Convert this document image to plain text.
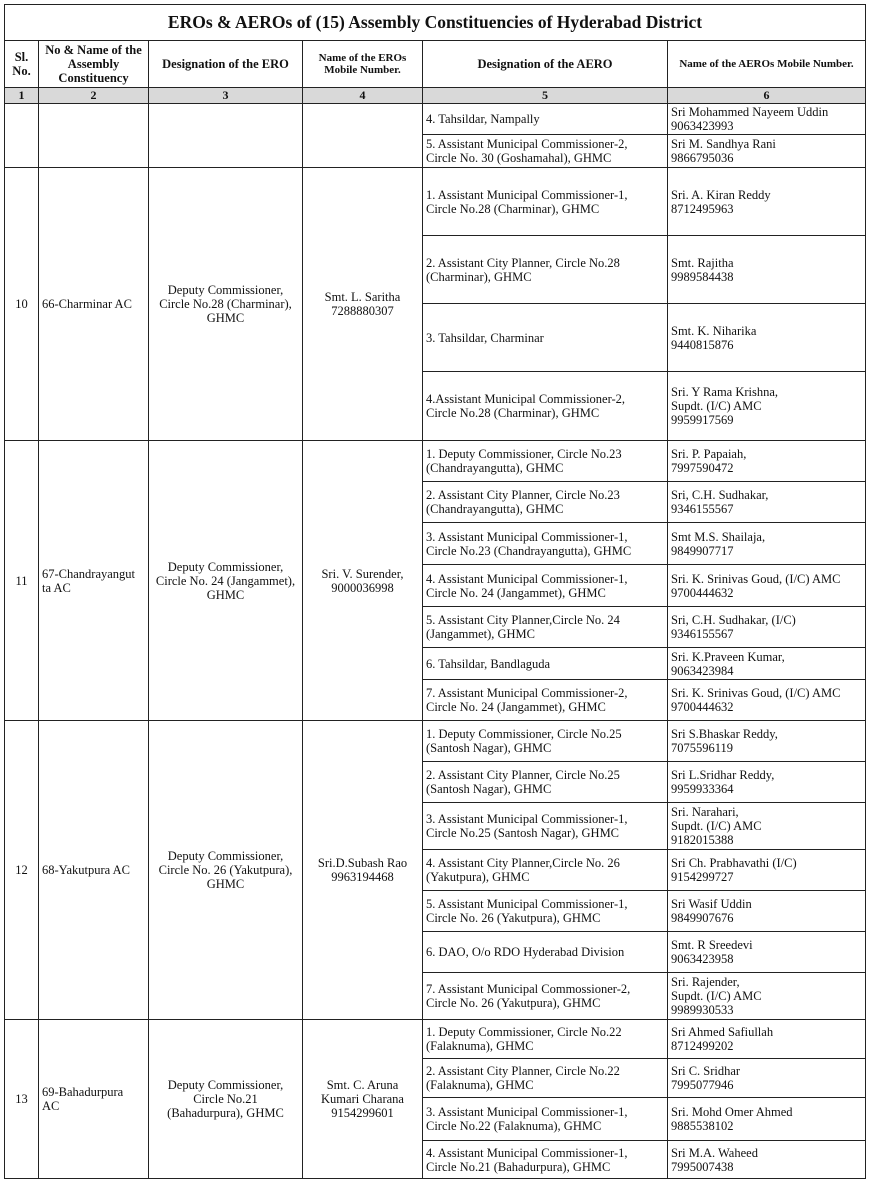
EROs & AEROs of (15) Assembly Constituencies of Hyderabad District					
Sl. No.	No & Name of the Assembly Constituency	Designation of the ERO	Name of the EROs Mobile Number.	Designation of the AERO	Name of the AEROs Mobile Number.
1	2	3	4	5	6
				4. Tahsildar, Nampally	Sri Mohammed Nayeem Uddin
9063423993
				5. Assistant Municipal Commissioner-2,
Circle No. 30 (Goshamahal), GHMC	Sri M. Sandhya Rani
9866795036
10	66-Charminar AC	Deputy Commissioner,
Circle No.28 (Charminar),
GHMC	Smt. L. Saritha
7288880307	1. Assistant Municipal Commissioner-1,
Circle No.28 (Charminar), GHMC	Sri. A. Kiran Reddy
8712495963
				2. Assistant City Planner, Circle No.28
(Charminar), GHMC	Smt. Rajitha
9989584438
				3. Tahsildar, Charminar	Smt. K. Niharika
9440815876
				4.Assistant Municipal Commissioner-2,
Circle No.28 (Charminar), GHMC	Sri. Y Rama Krishna,
Supdt. (I/C) AMC
9959917569
11	67-Chandrayangut
ta AC	Deputy Commissioner,
Circle No. 24 (Jangammet),
GHMC	Sri. V. Surender,
9000036998	1. Deputy Commissioner, Circle No.23
(Chandrayangutta), GHMC	Sri. P. Papaiah,
7997590472
				2. Assistant City Planner, Circle No.23
(Chandrayangutta), GHMC	Sri, C.H. Sudhakar,
9346155567
				3. Assistant Municipal Commissioner-1,
Circle No.23 (Chandrayangutta), GHMC	Smt M.S. Shailaja,
9849907717
				4. Assistant Municipal Commissioner-1,
Circle No. 24 (Jangammet), GHMC	Sri. K. Srinivas Goud, (I/C) AMC
9700444632
				5. Assistant City Planner,Circle No. 24
(Jangammet), GHMC	Sri, C.H. Sudhakar, (I/C)
9346155567
				6. Tahsildar, Bandlaguda	Sri. K.Praveen Kumar,
9063423984
				7. Assistant Municipal Commissioner-2,
Circle No. 24 (Jangammet), GHMC	Sri. K. Srinivas Goud, (I/C) AMC
9700444632
12	68-Yakutpura AC	Deputy Commissioner,
Circle No. 26 (Yakutpura),
GHMC	Sri.D.Subash Rao
9963194468	1. Deputy Commissioner, Circle No.25
(Santosh Nagar), GHMC	Sri S.Bhaskar Reddy,
7075596119
				2. Assistant City Planner, Circle No.25
(Santosh Nagar), GHMC	Sri L.Sridhar Reddy,
9959933364
				3. Assistant Municipal Commissioner-1,
Circle No.25 (Santosh Nagar), GHMC	Sri. Narahari,
Supdt. (I/C) AMC
9182015388
				4. Assistant City Planner,Circle No. 26
(Yakutpura), GHMC	Sri Ch. Prabhavathi (I/C)
9154299727
				5. Assistant Municipal Commissioner-1,
Circle No. 26 (Yakutpura), GHMC	Sri Wasif Uddin
9849907676
				6. DAO, O/o RDO Hyderabad Division	Smt. R Sreedevi
9063423958
				7. Assistant Municipal Commossioner-2,
Circle No. 26 (Yakutpura), GHMC	Sri. Rajender,
Supdt. (I/C) AMC
9989930533
13	69-Bahadurpura
AC	Deputy Commissioner,
Circle No.21
(Bahadurpura), GHMC	Smt. C. Aruna
Kumari Charana
9154299601	1. Deputy Commissioner, Circle No.22
(Falaknuma), GHMC	Sri Ahmed Safiullah
8712499202
				2. Assistant City Planner, Circle No.22
(Falaknuma), GHMC	Sri C. Sridhar
7995077946
				3. Assistant Municipal Commissioner-1,
Circle No.22 (Falaknuma), GHMC	Sri. Mohd Omer Ahmed
9885538102
				4. Assistant Municipal Commissioner-1,
Circle No.21 (Bahadurpura), GHMC	Sri M.A. Waheed
7995007438
